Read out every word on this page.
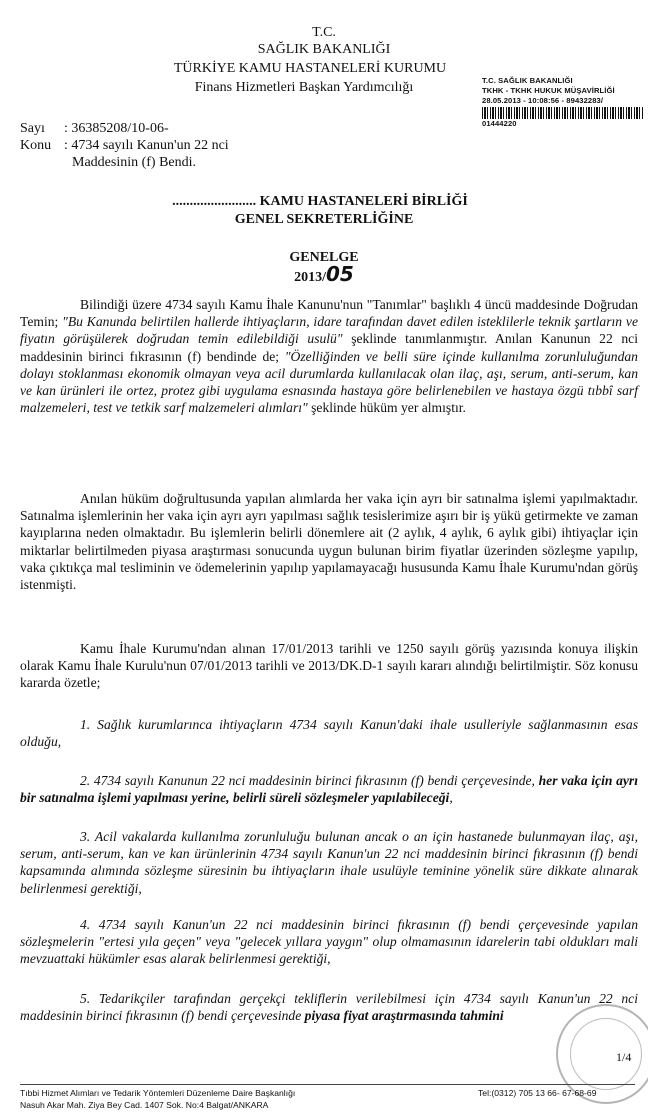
T.C.
SAĞLIK BAKANLIĞI
TÜRKİYE KAMU HASTANELERİ KURUMU
Finans Hizmetleri Başkan Yardımcılığı	T.C. SAĞLIK BAKANLIĞI
TKHK - TKHK HUKUK MÜŞAVİRLİĞİ
28.05.2013 - 10:08:56 - 89432283/
01444220
Sayı : 36385208/10-06-
Konu : 4734 sayılı Kanun'un 22 nci
Maddesinin (f) Bendi.
........................ KAMU HASTANELERİ BİRLİĞİ
GENEL SEKRETERLİĞİNE
GENELGE
2013/05

Bilindiği üzere 4734 sayılı Kamu İhale Kanunu'nun "Tanımlar" başlıklı 4 üncü maddesinde Doğrudan Temin; "Bu Kanunda belirtilen hallerde ihtiyaçların, idare tarafından davet edilen isteklilerle teknik şartların ve fiyatın görüşülerek doğrudan temin edilebildiği usulü" şeklinde tanımlanmıştır. Anılan Kanunun 22 nci maddesinin birinci fıkrasının (f) bendinde de; "Özelliğinden ve belli süre içinde kullanılma zorunluluğundan dolayı stoklanması ekonomik olmayan veya acil durumlarda kullanılacak olan ilaç, aşı, serum, anti-serum, kan ve kan ürünleri ile ortez, protez gibi uygulama esnasında hastaya göre belirlenebilen ve hastaya özgü tıbbî sarf malzemeleri, test ve tetkik sarf malzemeleri alımları" şeklinde hüküm yer almıştır.

Anılan hüküm doğrultusunda yapılan alımlarda her vaka için ayrı bir satınalma işlemi yapılmaktadır. Satınalma işlemlerinin her vaka için ayrı ayrı yapılması sağlık tesislerimize aşırı bir iş yükü getirmekte ve zaman kayıplarına neden olmaktadır. Bu işlemlerin belirli dönemlere ait (2 aylık, 4 aylık, 6 aylık gibi) ihtiyaçlar için miktarlar belirtilmeden piyasa araştırması sonucunda uygun bulunan birim fiyatlar üzerinden sözleşme yapılıp, vaka çıktıkça mal tesliminin ve ödemelerinin yapılıp yapılamayacağı hususunda Kamu İhale Kurumu'ndan görüş istenmişti.

Kamu İhale Kurumu'ndan alınan 17/01/2013 tarihli ve 1250 sayılı görüş yazısında konuya ilişkin olarak Kamu İhale Kurulu'nun 07/01/2013 tarihli ve 2013/DK.D-1 sayılı kararı alındığı belirtilmiştir. Söz konusu kararda özetle;

1. Sağlık kurumlarınca ihtiyaçların 4734 sayılı Kanun'daki ihale usulleriyle sağlanmasının esas olduğu,

2. 4734 sayılı Kanunun 22 nci maddesinin birinci fıkrasının (f) bendi çerçevesinde, her vaka için ayrı bir satınalma işlemi yapılması yerine, belirli süreli sözleşmeler yapılabileceği,

3. Acil vakalarda kullanılma zorunluluğu bulunan ancak o an için hastanede bulunmayan ilaç, aşı, serum, anti-serum, kan ve kan ürünlerinin 4734 sayılı Kanun'un 22 nci maddesinin birinci fıkrasının (f) bendi kapsamında alımında sözleşme süresinin bu ihtiyaçların ihale usulüyle teminine yönelik süre dikkate alınarak belirlenmesi gerektiği,

4. 4734 sayılı Kanun'un 22 nci maddesinin birinci fıkrasının (f) bendi çerçevesinde yapılan sözleşmelerin "ertesi yıla geçen" veya "gelecek yıllara yaygın" olup olmamasının idarelerin tabi oldukları mali mevzuattaki hükümler esas alarak belirlenmesi gerektiği,

5. Tedarikçiler tarafından gerçekçi tekliflerin verilebilmesi için 4734 sayılı Kanun'un 22 nci maddesinin birinci fıkrasının (f) bendi çerçevesinde piyasa fiyat araştırmasında tahmini

1/4
Tıbbi Hizmet Alımları ve Tedarik Yöntemleri Düzenleme Daire Başkanlığı
Nasuh Akar Mah. Ziya Bey Cad. 1407 Sok. No:4 Balgat/ANKARA
Tel:(0312) 705 13 66- 67-68-69
